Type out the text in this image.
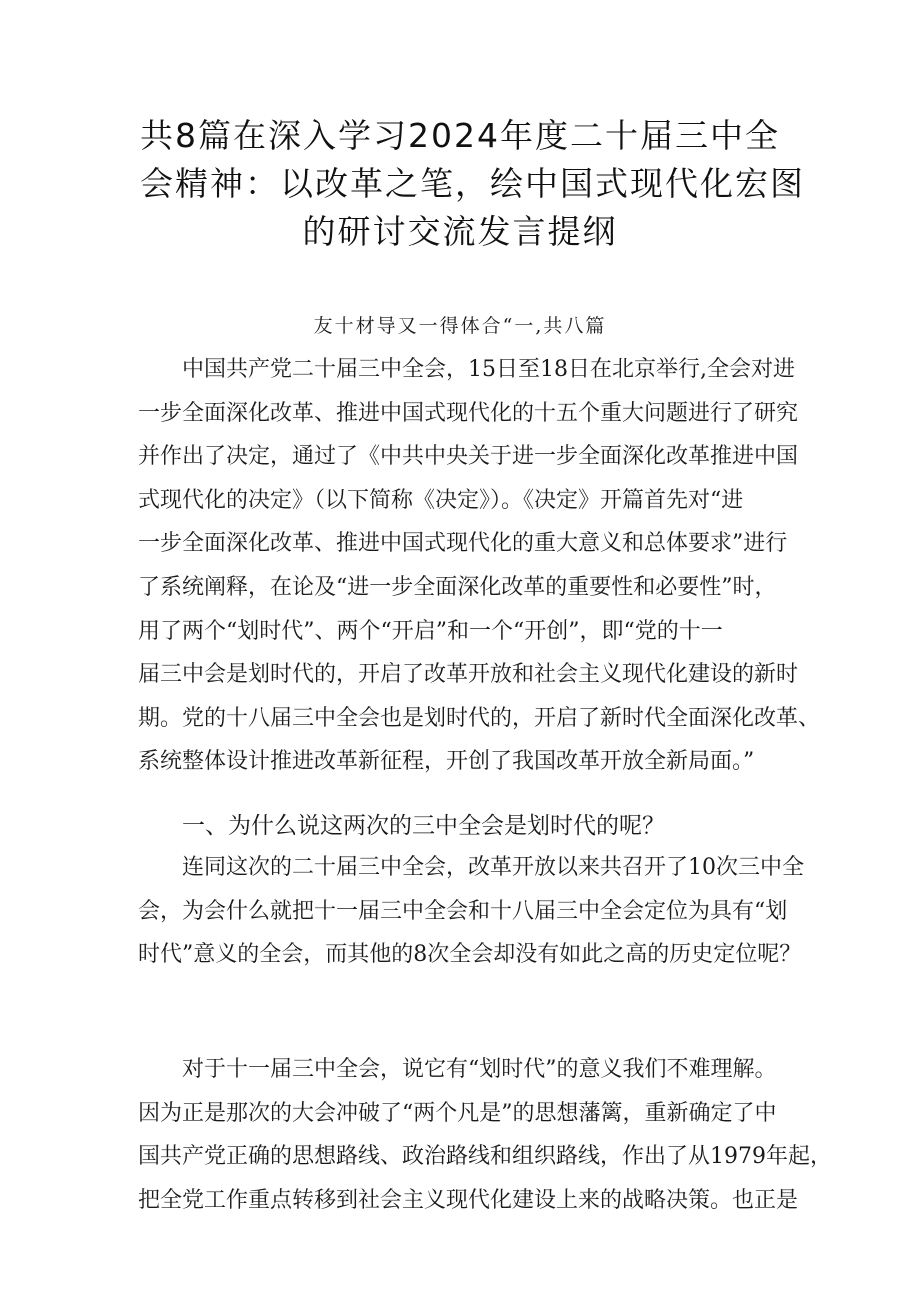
共8篇在深入学习2024年度二十届三中全
会精神：以改革之笔，绘中国式现代化宏图
的研讨交流发言提纲
友十材导又一得体合“一,共八篇
中国共产党二十届三中全会，15日至18日在北京举行,全会对进
一步全面深化改革、推进中国式现代化的十五个重大问题进行了研究
并作出了决定，通过了《中共中央关于进一步全面深化改革推进中国
式现代化的决定》（以下简称《决定》）。《决定》开篇首先对“进
一步全面深化改革、推进中国式现代化的重大意义和总体要求”进行
了系统阐释，在论及“进一步全面深化改革的重要性和必要性”时，
用了两个“划时代”、两个“开启”和一个“开创”，即“党的十一
届三中会是划时代的，开启了改革开放和社会主义现代化建设的新时
期。党的十八届三中全会也是划时代的，开启了新时代全面深化改革、
系统整体设计推进改革新征程，开创了我国改革开放全新局面。”
一、为什么说这两次的三中全会是划时代的呢？
连同这次的二十届三中全会，改革开放以来共召开了10次三中全
会，为会什么就把十一届三中全会和十八届三中全会定位为具有“划
时代”意义的全会，而其他的8次全会却没有如此之高的历史定位呢？
对于十一届三中全会，说它有“划时代”的意义我们不难理解。
因为正是那次的大会冲破了“两个凡是”的思想藩篱，重新确定了中
国共产党正确的思想路线、政治路线和组织路线，作出了从1979年起，
把全党工作重点转移到社会主义现代化建设上来的战略决策。也正是
